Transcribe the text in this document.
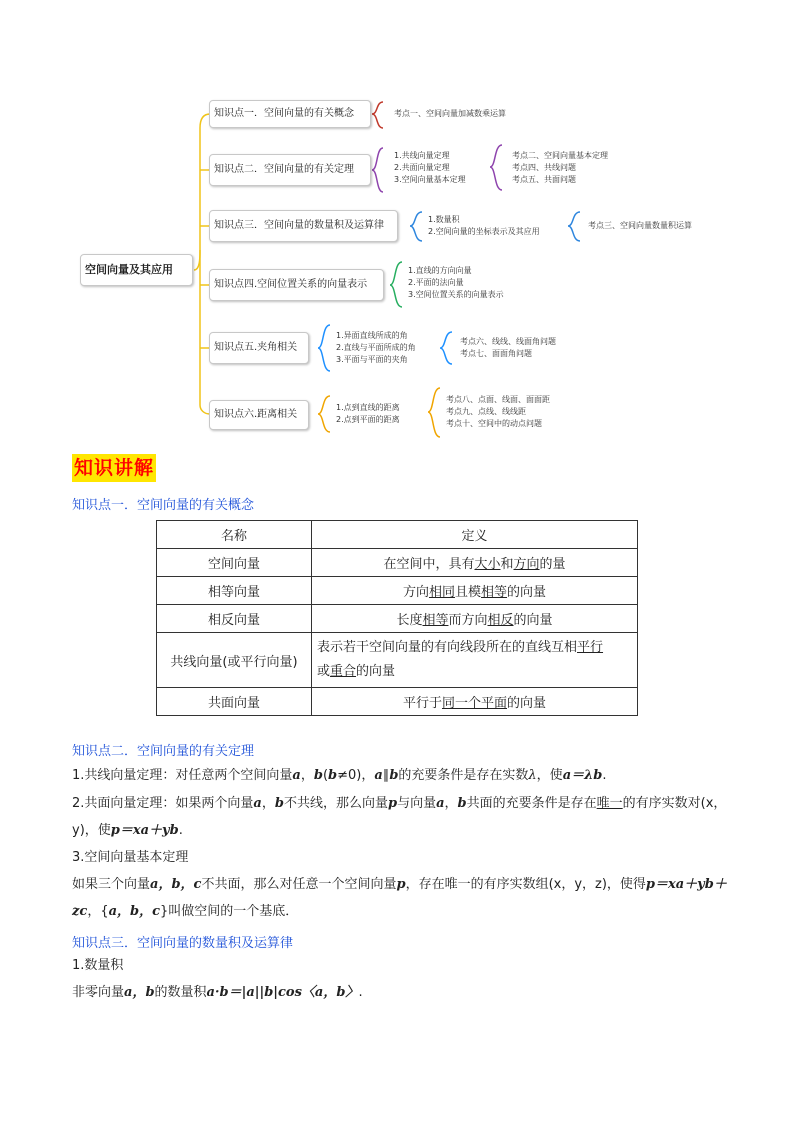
空间向量及其应用
知识点一．空间向量的有关概念	考点一、空间向量加减数乘运算
知识点二．空间向量的有关定理
1.共线向量定理
2.共面向量定理
3.空间向量基本定理
考点二、空间向量基本定理
考点四、共线问题
考点五、共面问题
知识点三．空间向量的数量积及运算律
1.数量积
2.空间向量的坐标表示及其应用
考点三、空间向量数量积运算
知识点四.空间位置关系的向量表示
1.直线的方向向量
2.平面的法向量
3.空间位置关系的向量表示
知识点五.夹角相关
1.异面直线所成的角
2.直线与平面所成的角
3.平面与平面的夹角
考点六、线线、线面角问题
考点七、面面角问题
知识点六.距离相关
1.点到直线的距离
2.点到平面的距离
考点八、点面、线面、面面距
考点九、点线、线线距
考点十、空间中的动点问题
知识讲解
知识点一．空间向量的有关概念
名称	定义
空间向量	在空间中，具有大小和方向的量
相等向量	方向相同且模相等的向量
相反向量	长度相等而方向相反的向量
共线向量(或平行向量)	表示若干空间向量的有向线段所在的直线互相平行
或重合的向量
共面向量	平行于同一个平面的向量
知识点二．空间向量的有关定理
1.共线向量定理：对任意两个空间向量a，b(b≠0)，a∥b的充要条件是存在实数λ，使a＝λb.
2.共面向量定理：如果两个向量a，b不共线，那么向量p与向量a，b共面的充要条件是存在唯一的有序实数对(x，y)，使p＝xa＋yb.
3.空间向量基本定理
如果三个向量a，b，c不共面，那么对任意一个空间向量p，存在唯一的有序实数组(x，y，z)，使得p＝xa＋yb＋zc，{a，b，c}叫做空间的一个基底．
知识点三．空间向量的数量积及运算律
1.数量积
非零向量a，b的数量积a·b＝|a||b|cos〈a，b〉.
